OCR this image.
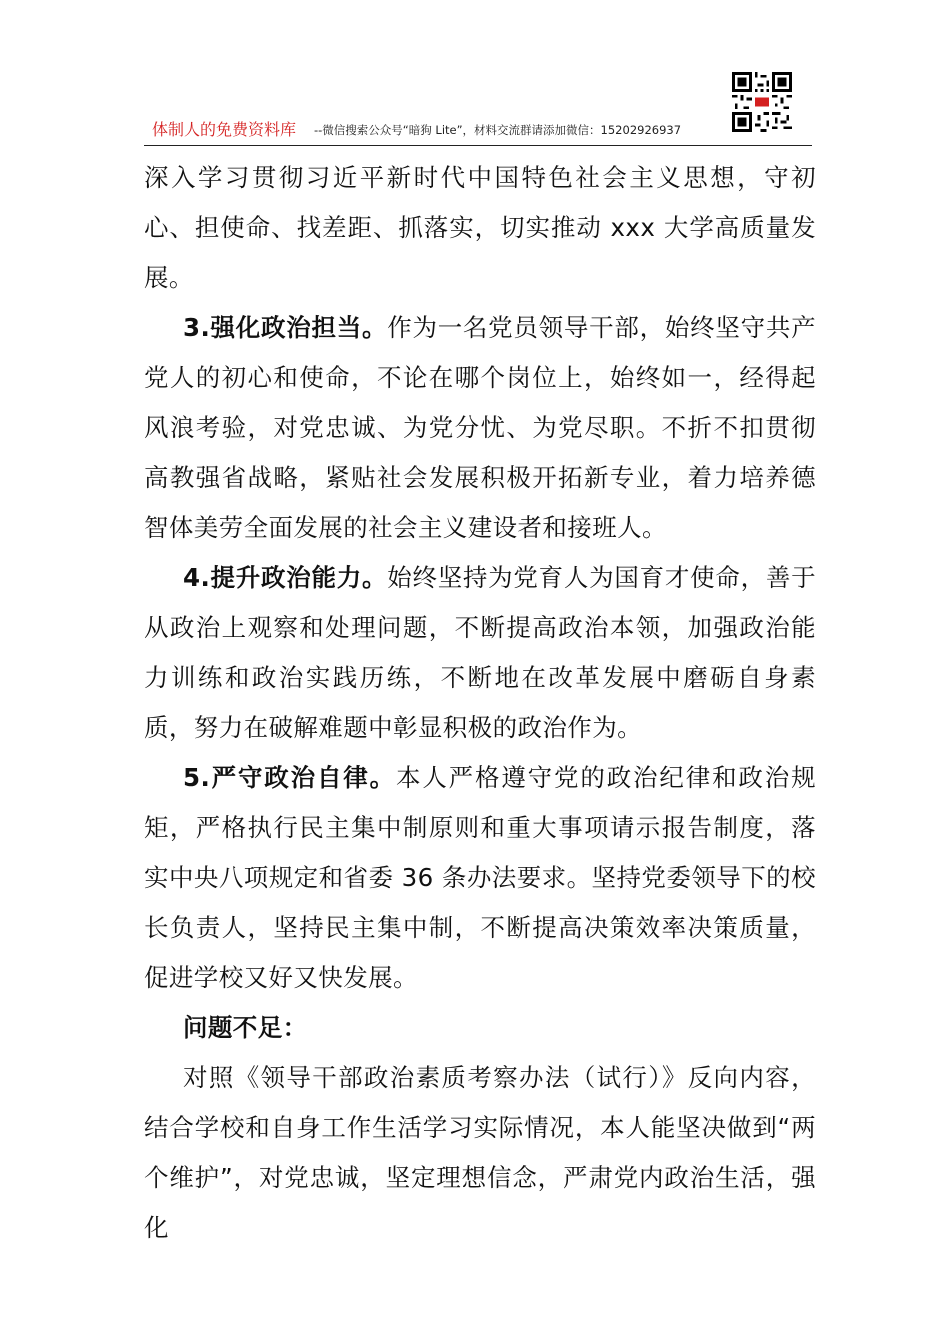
体制人的免费资料库 --微信搜索公众号“暗狗 Lite”，材料交流群请添加微信：15202926937

深入学习贯彻习近平新时代中国特色社会主义思想，守初心、担使命、找差距、抓落实，切实推动 xxx 大学高质量发展。

3.强化政治担当。作为一名党员领导干部，始终坚守共产党人的初心和使命，不论在哪个岗位上，始终如一，经得起风浪考验，对党忠诚、为党分忧、为党尽职。不折不扣贯彻高教强省战略，紧贴社会发展积极开拓新专业，着力培养德智体美劳全面发展的社会主义建设者和接班人。

4.提升政治能力。始终坚持为党育人为国育才使命，善于从政治上观察和处理问题，不断提高政治本领，加强政治能力训练和政治实践历练，不断地在改革发展中磨砺自身素质，努力在破解难题中彰显积极的政治作为。

5.严守政治自律。本人严格遵守党的政治纪律和政治规矩，严格执行民主集中制原则和重大事项请示报告制度，落实中央八项规定和省委 36 条办法要求。坚持党委领导下的校长负责人，坚持民主集中制，不断提高决策效率决策质量，促进学校又好又快发展。

问题不足：

对照《领导干部政治素质考察办法（试行）》反向内容，结合学校和自身工作生活学习实际情况，本人能坚决做到“两个维护”，对党忠诚，坚定理想信念，严肃党内政治生活，强化
